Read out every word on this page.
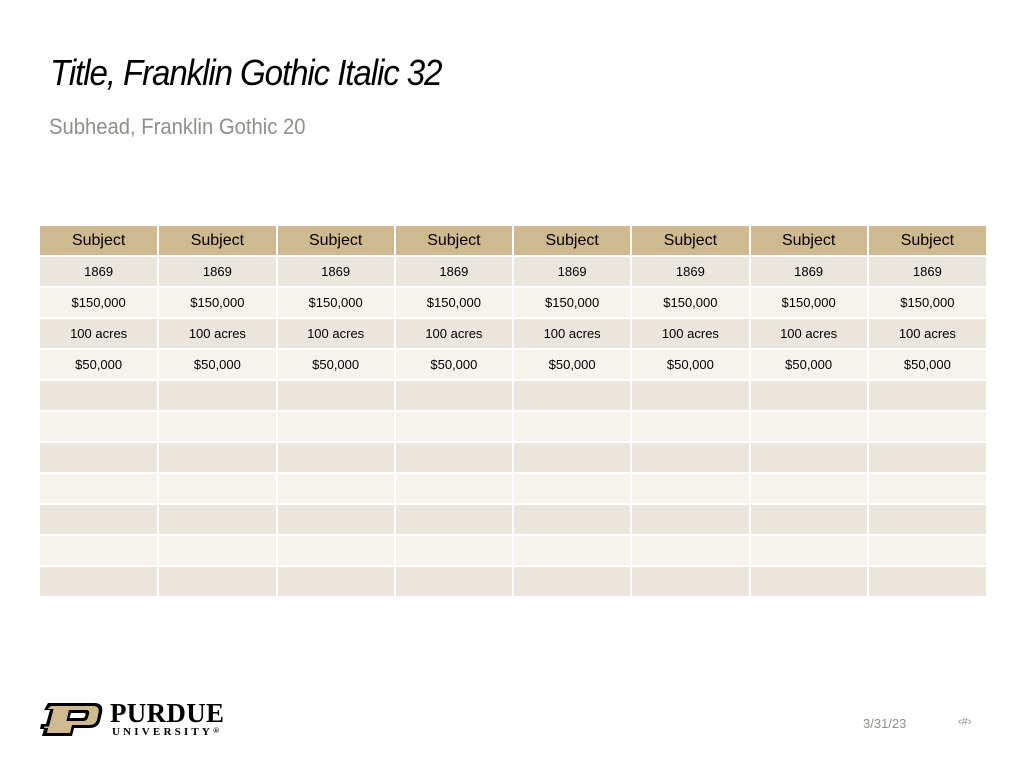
Title, Franklin Gothic Italic 32
Subhead, Franklin Gothic 20
Subject	Subject	Subject	Subject	Subject	Subject	Subject	Subject
1869	1869	1869	1869	1869	1869	1869	1869
$150,000	$150,000	$150,000	$150,000	$150,000	$150,000	$150,000	$150,000
100 acres	100 acres	100 acres	100 acres	100 acres	100 acres	100 acres	100 acres
$50,000	$50,000	$50,000	$50,000	$50,000	$50,000	$50,000	$50,000

PURDUE
UNIVERSITY®	3/31/23	‹#›
